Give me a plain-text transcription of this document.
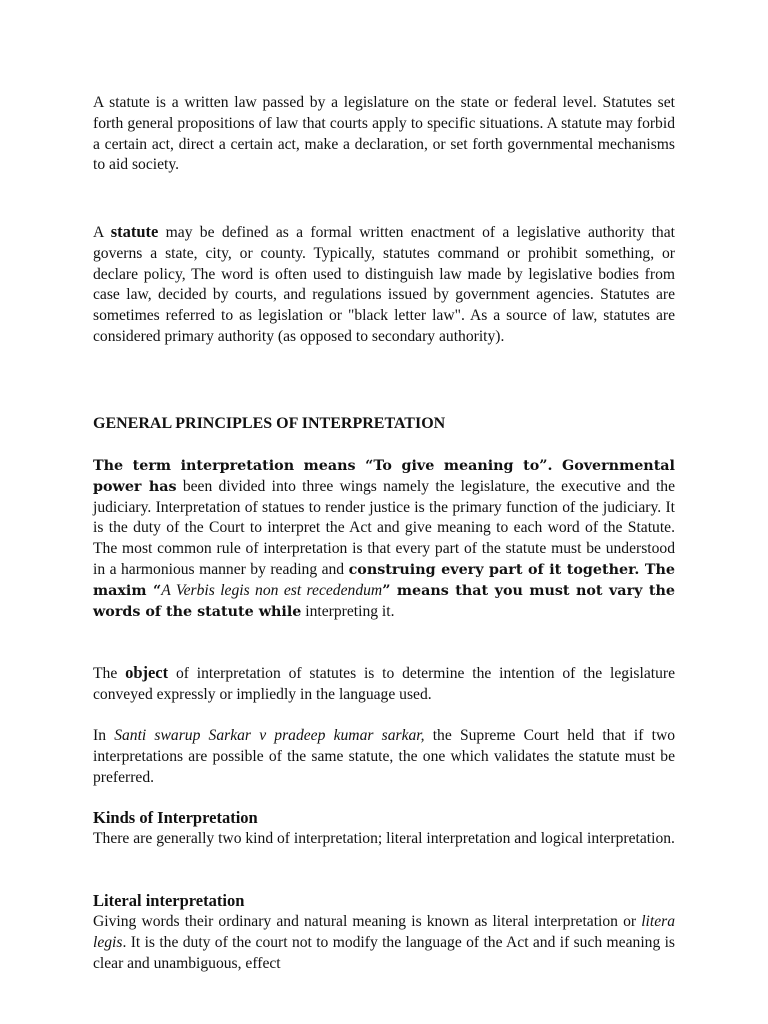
A statute is a written law passed by a legislature on the state or federal level. Statutes set forth general propositions of law that courts apply to specific situations. A statute may forbid a certain act, direct a certain act, make a declaration, or set forth governmental mechanisms to aid society.

A statute may be defined as a formal written enactment of a legislative authority that governs a state, city, or county. Typically, statutes command or prohibit something, or declare policy, The word is often used to distinguish law made by legislative bodies from case law, decided by courts, and regulations issued by government agencies. Statutes are sometimes referred to as legislation or "black letter law". As a source of law, statutes are considered primary authority (as opposed to secondary authority).

GENERAL PRINCIPLES OF INTERPRETATION

The term interpretation means “To give meaning to”. Governmental power has been divided into three wings namely the legislature, the executive and the judiciary. Interpretation of statues to render justice is the primary function of the judiciary. It is the duty of the Court to interpret the Act and give meaning to each word of the Statute. The most common rule of interpretation is that every part of the statute must be understood in a harmonious manner by reading and construing every part of it together. The maxim “A Verbis legis non est recedendum” means that you must not vary the words of the statute while interpreting it.

The object of interpretation of statutes is to determine the intention of the legislature conveyed expressly or impliedly in the language used.

In Santi swarup Sarkar v pradeep kumar sarkar, the Supreme Court held that if two interpretations are possible of the same statute, the one which validates the statute must be preferred.

Kinds of Interpretation

There are generally two kind of interpretation; literal interpretation and logical interpretation.

Literal interpretation

Giving words their ordinary and natural meaning is known as literal interpretation or litera legis. It is the duty of the court not to modify the language of the Act and if such meaning is clear and unambiguous, effect
